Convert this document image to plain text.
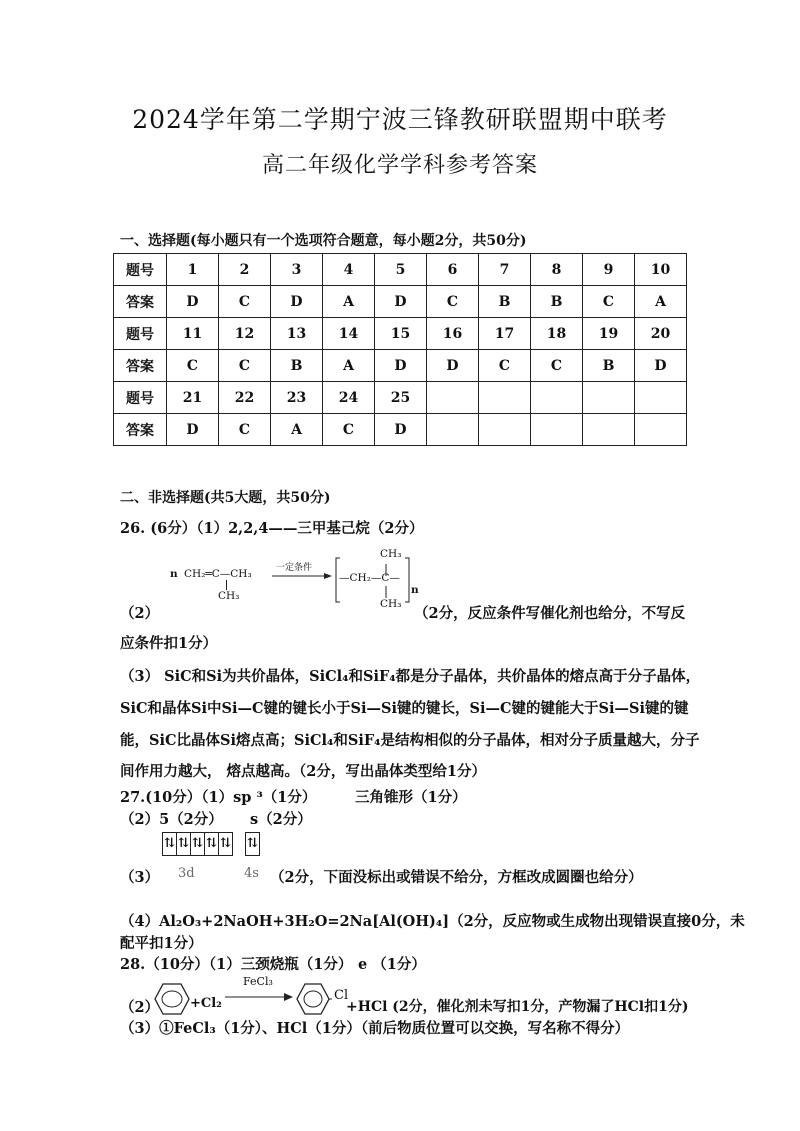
2024学年第二学期宁波三锋教研联盟期中联考
高二年级化学学科参考答案
一、选择题(每小题只有一个选项符合题意，每小题2分，共50分)
题号	1	2	3	4	5	6	7	8	9	10
答案	D	C	D	A	D	C	B	B	C	A
题号	11	12	13	14	15	16	17	18	19	20
答案	C	C	B	A	D	D	C	C	B	D
题号	21	22	23	24	25					
答案	D	C	A	C	D					
二、非选择题(共5大题，共50分)
26. (6分）（1）2,2,4——三甲基己烷（2分）
n CH₂═C—CH₃
CH₃
一定条件
CH₃
—CH₂—C—
n
CH₃
（2）	（2分，反应条件写催化剂也给分，不写反
应条件扣1分）
（3） SiC和Si为共价晶体，SiCl₄和SiF₄都是分子晶体，共价晶体的熔点高于分子晶体，
SiC和晶体Si中Si—C键的键长小于Si—Si键的键长，Si—C键的键能大于Si—Si键的键
能，SiC比晶体Si熔点高；SiCl₄和SiF₄是结构相似的分子晶体，相对分子质量越大，分子
间作用力越大， 熔点越高。（2分，写出晶体类型给1分）
27.(10分）（1）sp ³（1分）	三角锥形（1分）
（2）5（2分） s（2分）
⇅ ⇅ ⇅ ⇅ ⇅ ⇅
（3） 3d	4s （2分，下面没标出或错误不给分，方框改成圆圈也给分）
（4）Al₂O₃+2NaOH+3H₂O=2Na[Al(OH)₄]（2分，反应物或生成物出现错误直接0分，未
配平扣1分）
28.（10分）（1）三颈烧瓶（1分） e （1分）
（2） +Cl₂
FeCl₃
Cl
+HCl (2分，催化剂未写扣1分，产物漏了HCl扣1分)
（3）①FeCl₃（1分）、HCl（1分）（前后物质位置可以交换，写名称不得分）
